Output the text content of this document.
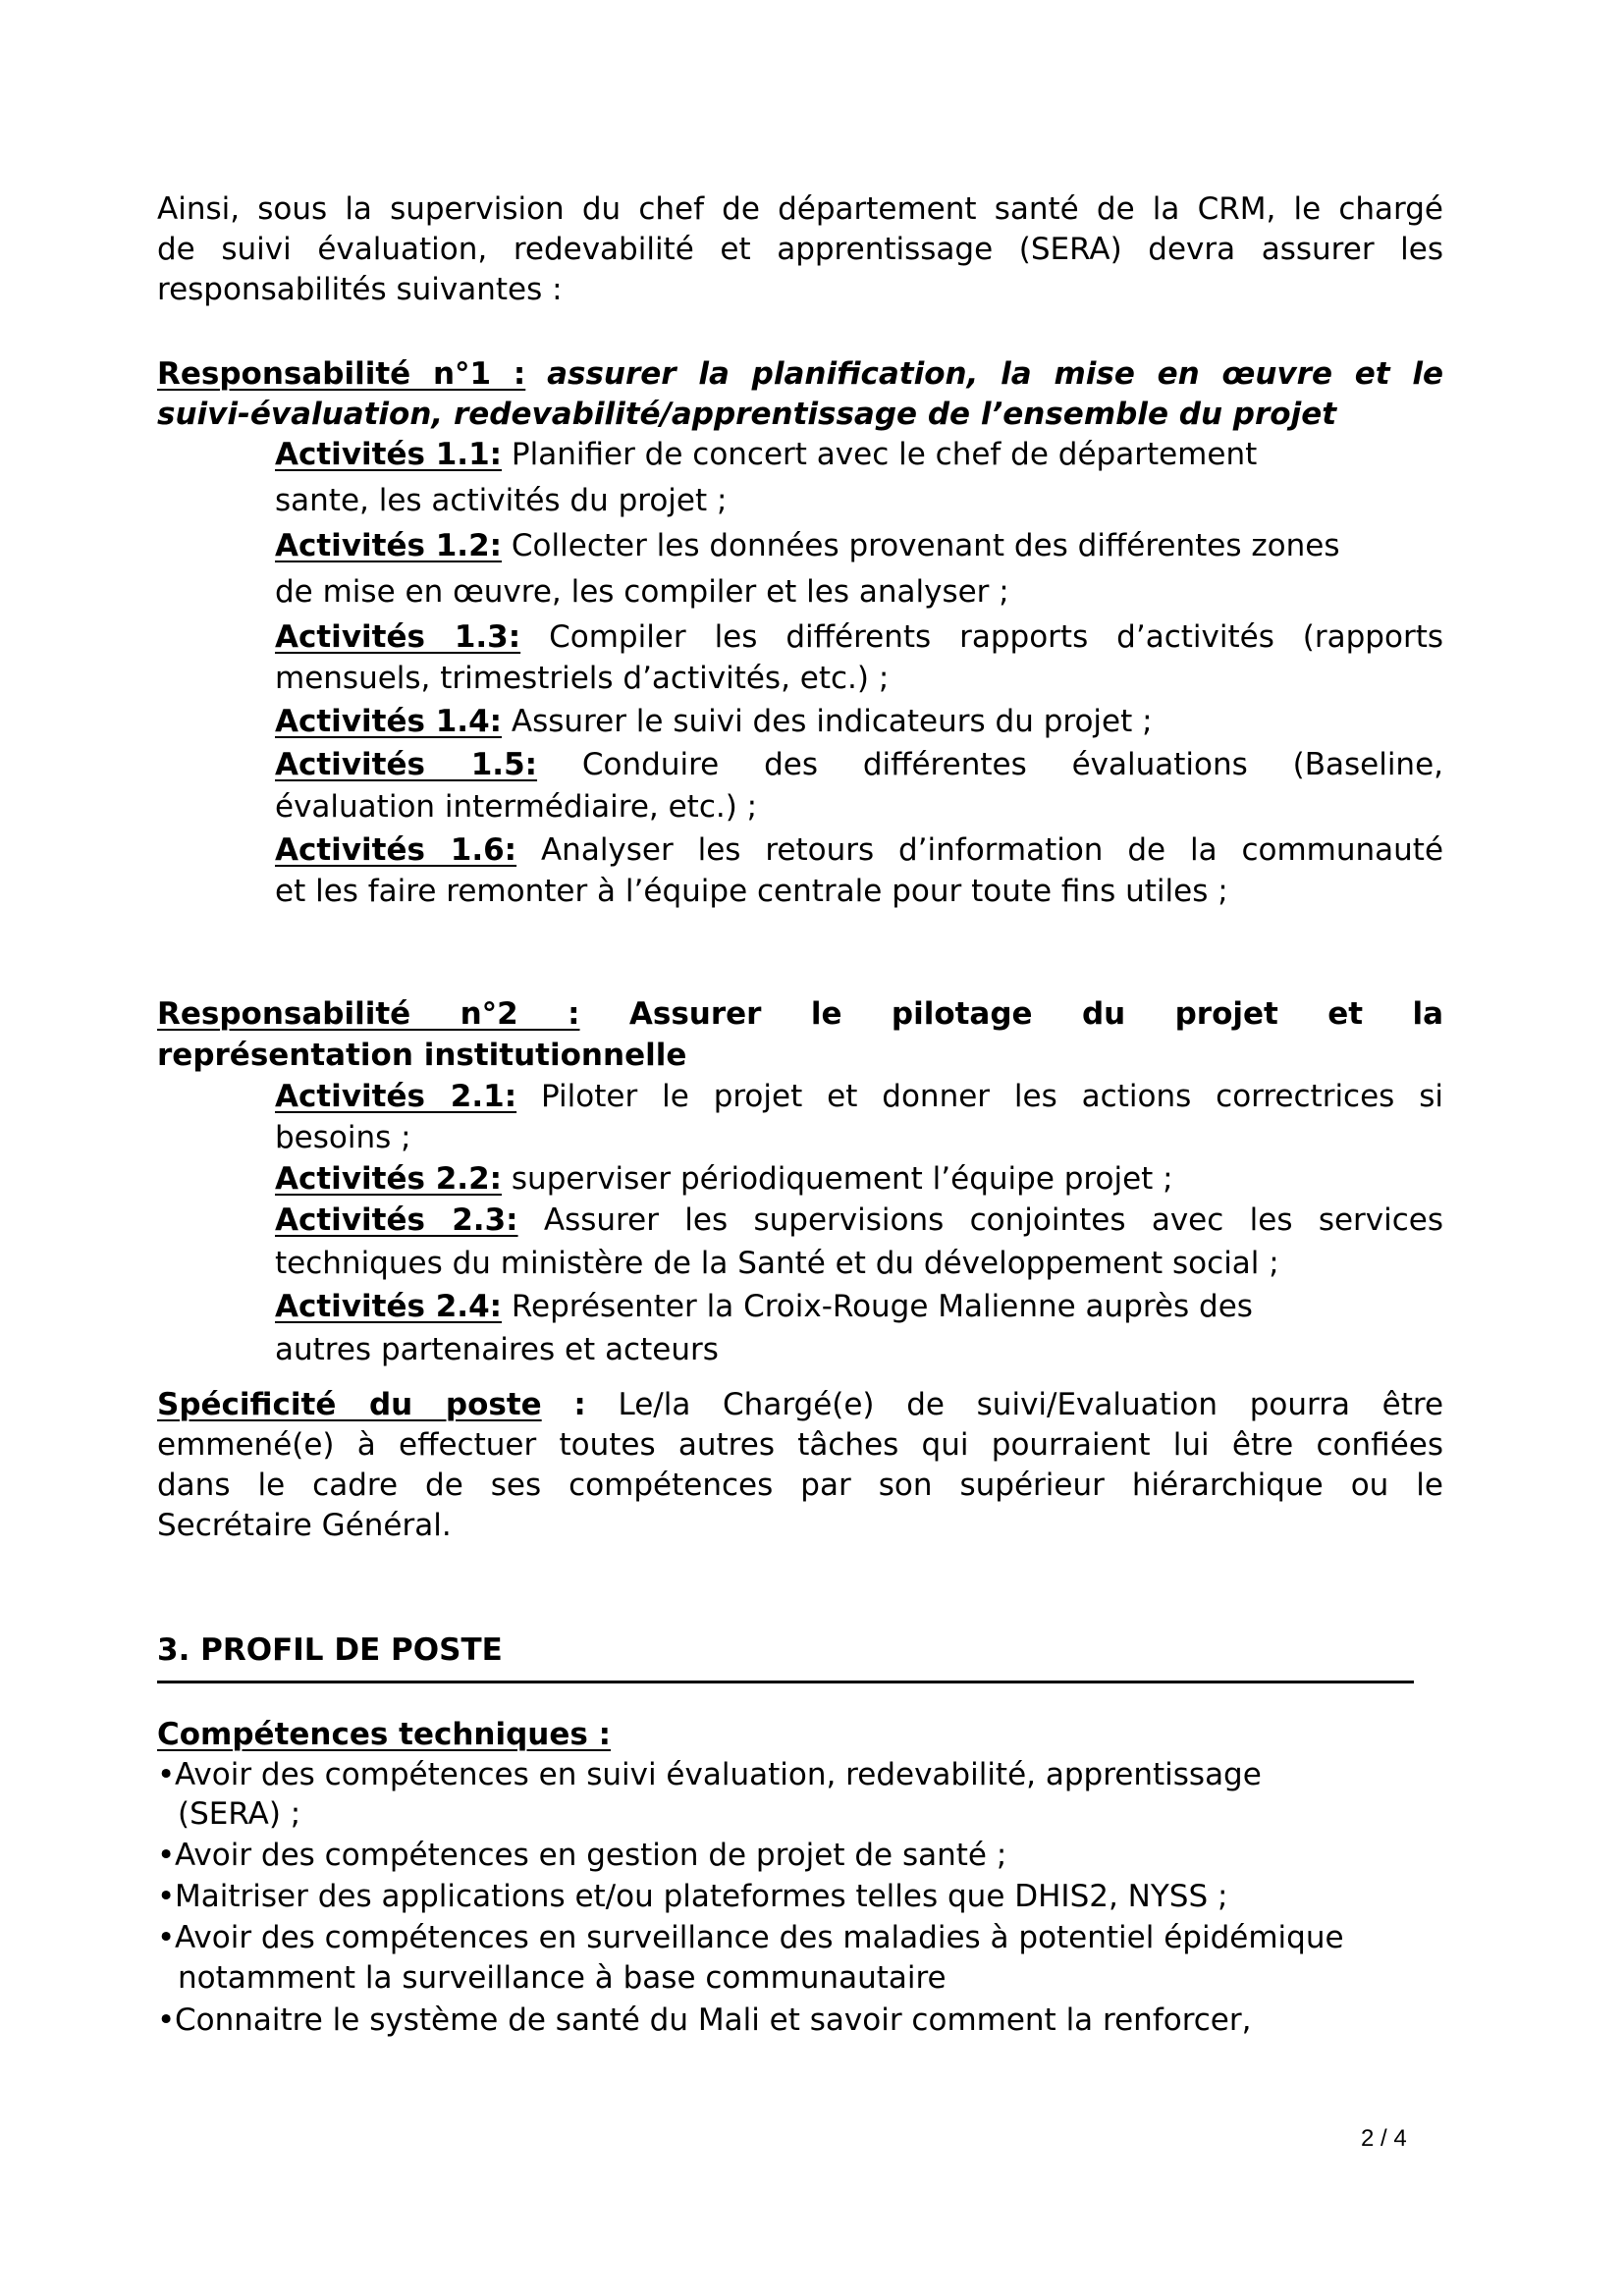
Ainsi, sous la supervision du chef de département santé de la CRM, le chargé
de suivi évaluation, redevabilité et apprentissage (SERA) devra assurer les
responsabilités suivantes :
Responsabilité n°1 : assurer la planification, la mise en œuvre et le
suivi-évaluation, redevabilité/apprentissage de l’ensemble du projet
Activités 1.1: Planifier de concert avec le chef de département
sante, les activités du projet ;
Activités 1.2: Collecter les données provenant des différentes zones
de mise en œuvre, les compiler et les analyser ;
Activités 1.3: Compiler les différents rapports d’activités (rapports
mensuels, trimestriels d’activités, etc.) ;
Activités 1.4: Assurer le suivi des indicateurs du projet ;
Activités 1.5: Conduire des différentes évaluations (Baseline,
évaluation intermédiaire, etc.) ;
Activités 1.6: Analyser les retours d’information de la communauté
et les faire remonter à l’équipe centrale pour toute fins utiles ;
Responsabilité n°2 : Assurer le pilotage du projet et la
représentation institutionnelle
Activités 2.1: Piloter le projet et donner les actions correctrices si
besoins ;
Activités 2.2: superviser périodiquement l’équipe projet ;
Activités 2.3: Assurer les supervisions conjointes avec les services
techniques du ministère de la Santé et du développement social ;
Activités 2.4: Représenter la Croix-Rouge Malienne auprès des
autres partenaires et acteurs
Spécificité du poste : Le/la Chargé(e) de suivi/Evaluation pourra être
emmené(e) à effectuer toutes autres tâches qui pourraient lui être confiées
dans le cadre de ses compétences par son supérieur hiérarchique ou le
Secrétaire Général.
3. PROFIL DE POSTE
Compétences techniques :
• Avoir des compétences en suivi évaluation, redevabilité, apprentissage
(SERA) ;
• Avoir des compétences en gestion de projet de santé ;
• Maitriser des applications et/ou plateformes telles que DHIS2, NYSS ;
• Avoir des compétences en surveillance des maladies à potentiel épidémique
notamment la surveillance à base communautaire
• Connaitre le système de santé du Mali et savoir comment la renforcer,
2 / 4
